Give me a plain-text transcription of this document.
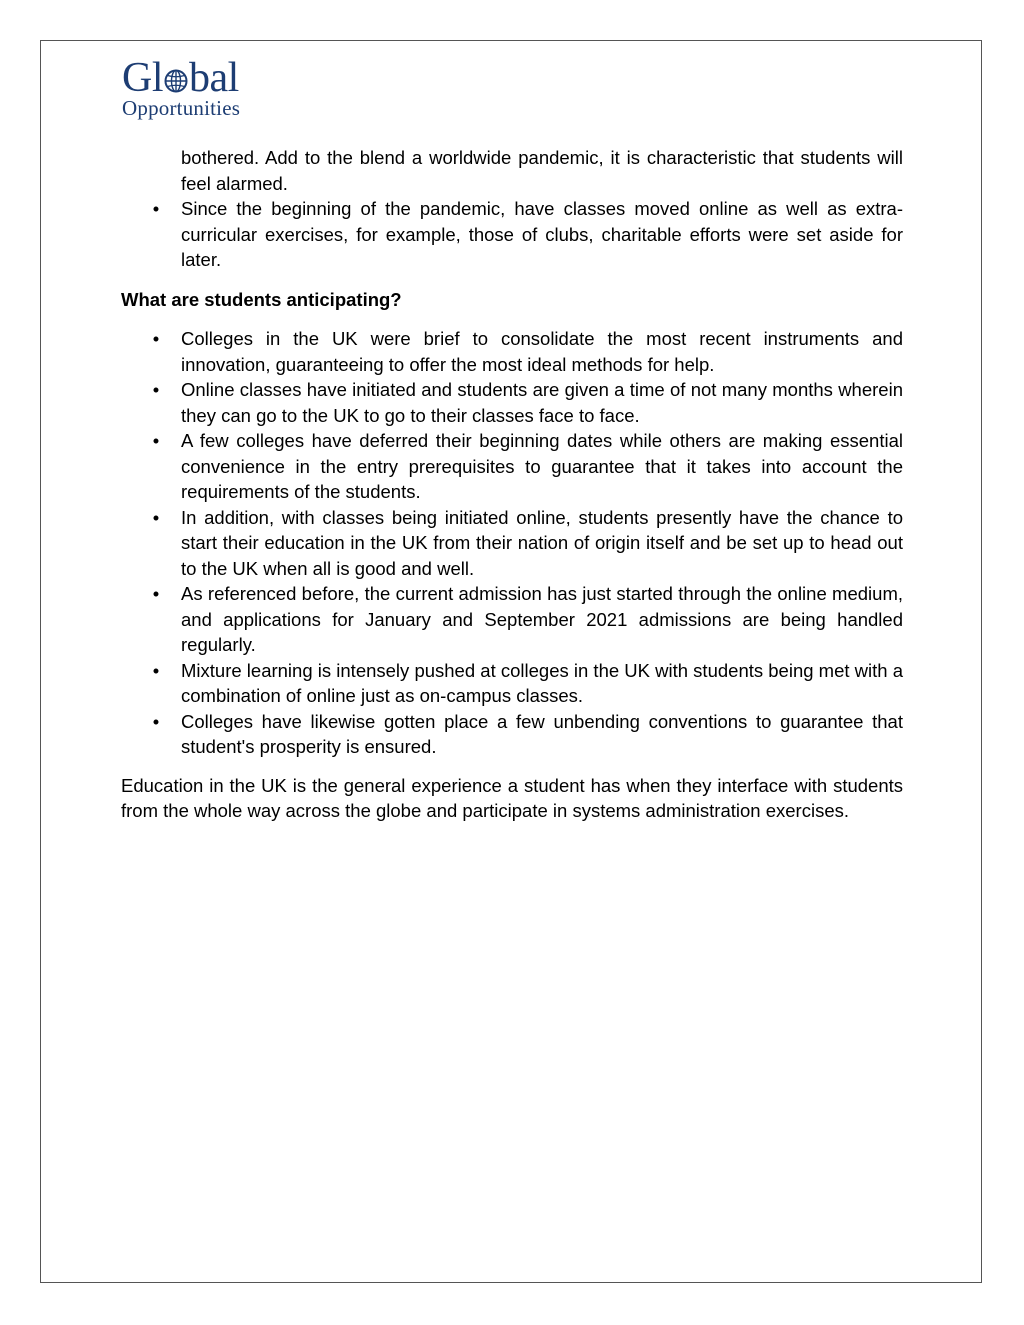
Gl bal
Opportunities

bothered. Add to the blend a worldwide pandemic, it is characteristic that students will feel alarmed.

• Since the beginning of the pandemic, have classes moved online as well as extra-curricular exercises, for example, those of clubs, charitable efforts were set aside for later.

What are students anticipating?

• Colleges in the UK were brief to consolidate the most recent instruments and innovation, guaranteeing to offer the most ideal methods for help.
• Online classes have initiated and students are given a time of not many months wherein they can go to the UK to go to their classes face to face.
• A few colleges have deferred their beginning dates while others are making essential convenience in the entry prerequisites to guarantee that it takes into account the requirements of the students.
• In addition, with classes being initiated online, students presently have the chance to start their education in the UK from their nation of origin itself and be set up to head out to the UK when all is good and well.
• As referenced before, the current admission has just started through the online medium, and applications for January and September 2021 admissions are being handled regularly.
• Mixture learning is intensely pushed at colleges in the UK with students being met with a combination of online just as on-campus classes.
• Colleges have likewise gotten place a few unbending conventions to guarantee that student's prosperity is ensured.

Education in the UK is the general experience a student has when they interface with students from the whole way across the globe and participate in systems administration exercises.
